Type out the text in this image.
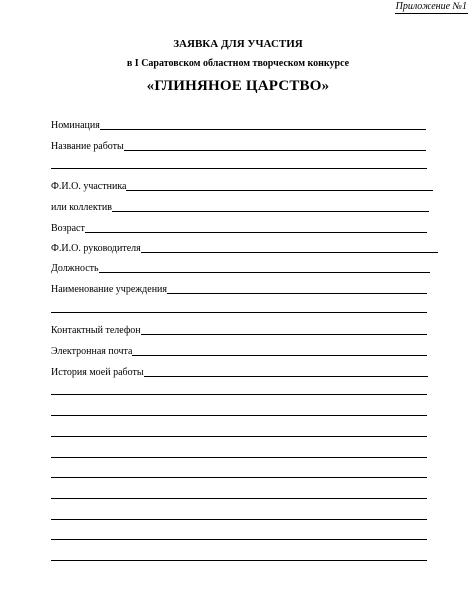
Приложение №1
ЗАЯВКА ДЛЯ УЧАСТИЯ
в I Саратовском областном творческом конкурсе
«ГЛИНЯНОЕ ЦАРСТВО»
Номинация
Название работы
Ф.И.О. участника
или коллектив
Возраст
Ф.И.О. руководителя
Должность
Наименование учреждения
Контактный телефон
Электронная почта
История моей работы
